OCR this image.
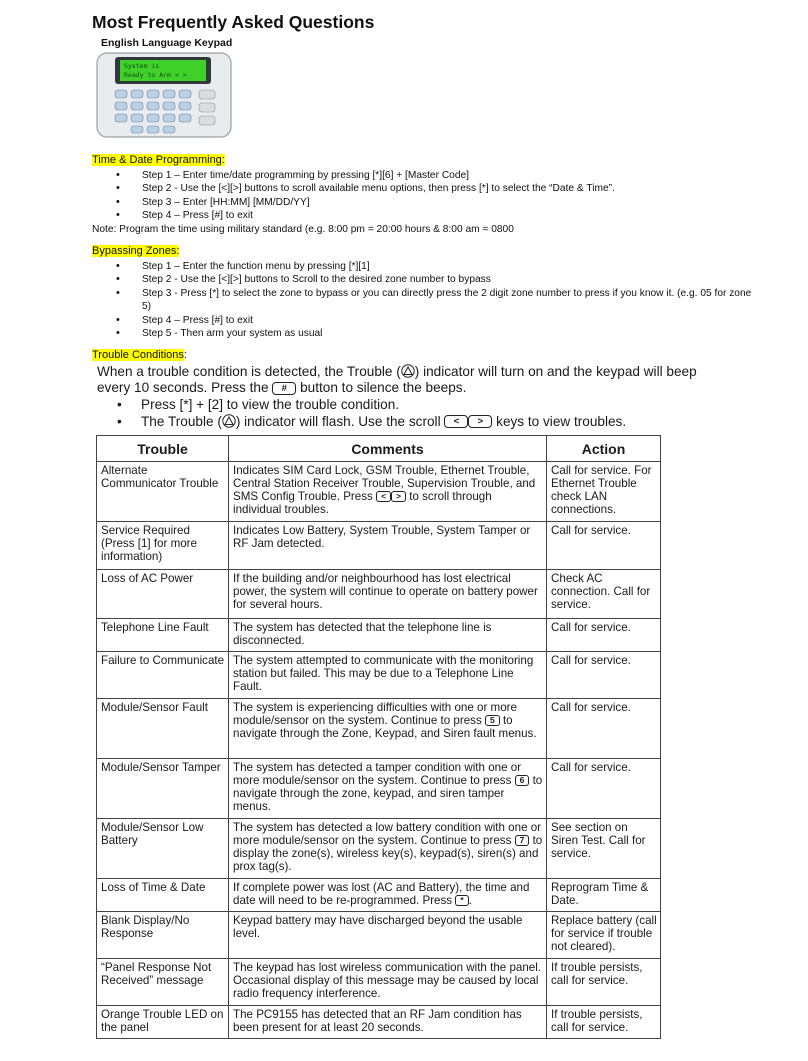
Most Frequently Asked Questions
English Language Keypad
System is
Ready to Arm < >
Time & Date Programming:
• Step 1 – Enter time/date programming by pressing [*][6] + [Master Code]
• Step 2 - Use the [<][>] buttons to scroll available menu options, then press [*] to select the “Date & Time”.
• Step 3 – Enter [HH:MM] [MM/DD/YY]
• Step 4 – Press [#] to exit
Note: Program the time using military standard (e.g. 8:00 pm = 20:00 hours & 8:00 am = 0800
Bypassing Zones:
• Step 1 – Enter the function menu by pressing [*][1]
• Step 2 - Use the [<][>] buttons to Scroll to the desired zone number to bypass
• Step 3 - Press [*] to select the zone to bypass or you can directly press the 2 digit zone number to press if you know it. (e.g. 05 for zone 5)
• Step 4 – Press [#] to exit
• Step 5 - Then arm your system as usual
Trouble Conditions:

When a trouble condition is detected, the Trouble ( ) indicator will turn on and the keypad will beep every 10 seconds. Press the # button to silence the beeps.

• Press [*] + [2] to view the trouble condition.
• The Trouble ( ) indicator will flash. Use the scroll < > keys to view troubles.
Trouble	Comments	Action
Alternate Communicator Trouble	Indicates SIM Card Lock, GSM Trouble, Ethernet Trouble, Central Station Receiver Trouble, Supervision Trouble, and SMS Config Trouble. Press < > to scroll through individual troubles.	Call for service. For Ethernet Trouble check LAN connections.
Service Required (Press [1] for more information)	Indicates Low Battery, System Trouble, System Tamper or RF Jam detected.	Call for service.
Loss of AC Power	If the building and/or neighbourhood has lost electrical power, the system will continue to operate on battery power for several hours.	Check AC connection. Call for service.
Telephone Line Fault	The system has detected that the telephone line is disconnected.	Call for service.
Failure to Communicate	The system attempted to communicate with the monitoring station but failed. This may be due to a Telephone Line Fault.	Call for service.
Module/Sensor Fault	The system is experiencing difficulties with one or more module/sensor on the system. Continue to press 5 to navigate through the Zone, Keypad, and Siren fault menus.	Call for service.
Module/Sensor Tamper	The system has detected a tamper condition with one or more module/sensor on the system. Continue to press 6 to navigate through the zone, keypad, and siren tamper menus.	Call for service.
Module/Sensor Low Battery	The system has detected a low battery condition with one or more module/sensor on the system. Continue to press 7 to display the zone(s), wireless key(s), keypad(s), siren(s) and prox tag(s).	See section on Siren Test. Call for service.
Loss of Time & Date	If complete power was lost (AC and Battery), the time and date will need to be re-programmed. Press * .	Reprogram Time & Date.
Blank Display/No Response	Keypad battery may have discharged beyond the usable level.	Replace battery (call for service if trouble not cleared).
“Panel Response Not Received” message	The keypad has lost wireless communication with the panel. Occasional display of this message may be caused by local radio frequency interference.	If trouble persists, call for service.
Orange Trouble LED on the panel	The PC9155 has detected that an RF Jam condition has been present for at least 20 seconds.	If trouble persists, call for service.
